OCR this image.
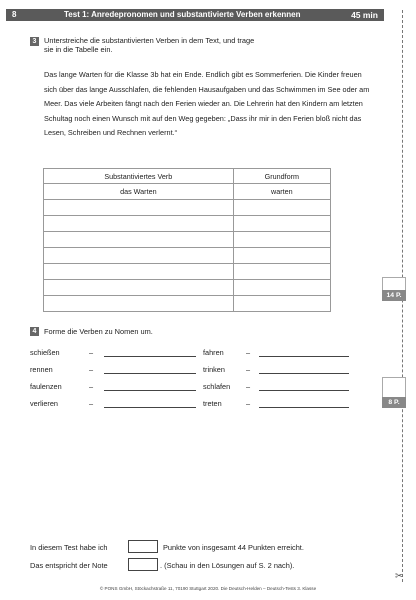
8	Test 1: Anredepronomen und substantivierte Verben erkennen	45 min
3	Unterstreiche die substantivierten Verben in dem Text, und trage
sie in die Tabelle ein.
Das lange Warten für die Klasse 3b hat ein Ende. Endlich gibt es Sommerferien. Die Kinder freuen sich über das lange Ausschlafen, die fehlenden Hausaufgaben und das Schwimmen im See oder am Meer. Das viele Arbeiten fängt nach den Ferien wieder an. Die Lehrerin hat den Kindern am letzten Schultag noch einen Wunsch mit auf den Weg gegeben: „Dass ihr mir in den Ferien bloß nicht das Lesen, Schreiben und Rechnen verlernt.“
Substantiviertes Verb	Grundform
das Warten	warten

14 P.
4	Forme die Verben zu Nomen um.
schießen	–	fahren	–
rennen	–	trinken	–
faulenzen	–	schlafen –
verlieren	–	treten	–	8 P.
In diesem Test habe ich	Punkte von insgesamt 44 Punkten erreicht.
Das entspricht der Note	. (Schau in den Lösungen auf S. 2 nach).
✂
© PONS GmbH, Stöckachstraße 11, 70190 Stuttgart 2020. Die Deutsch-Helden – Deutsch-Tests 3. Klasse
